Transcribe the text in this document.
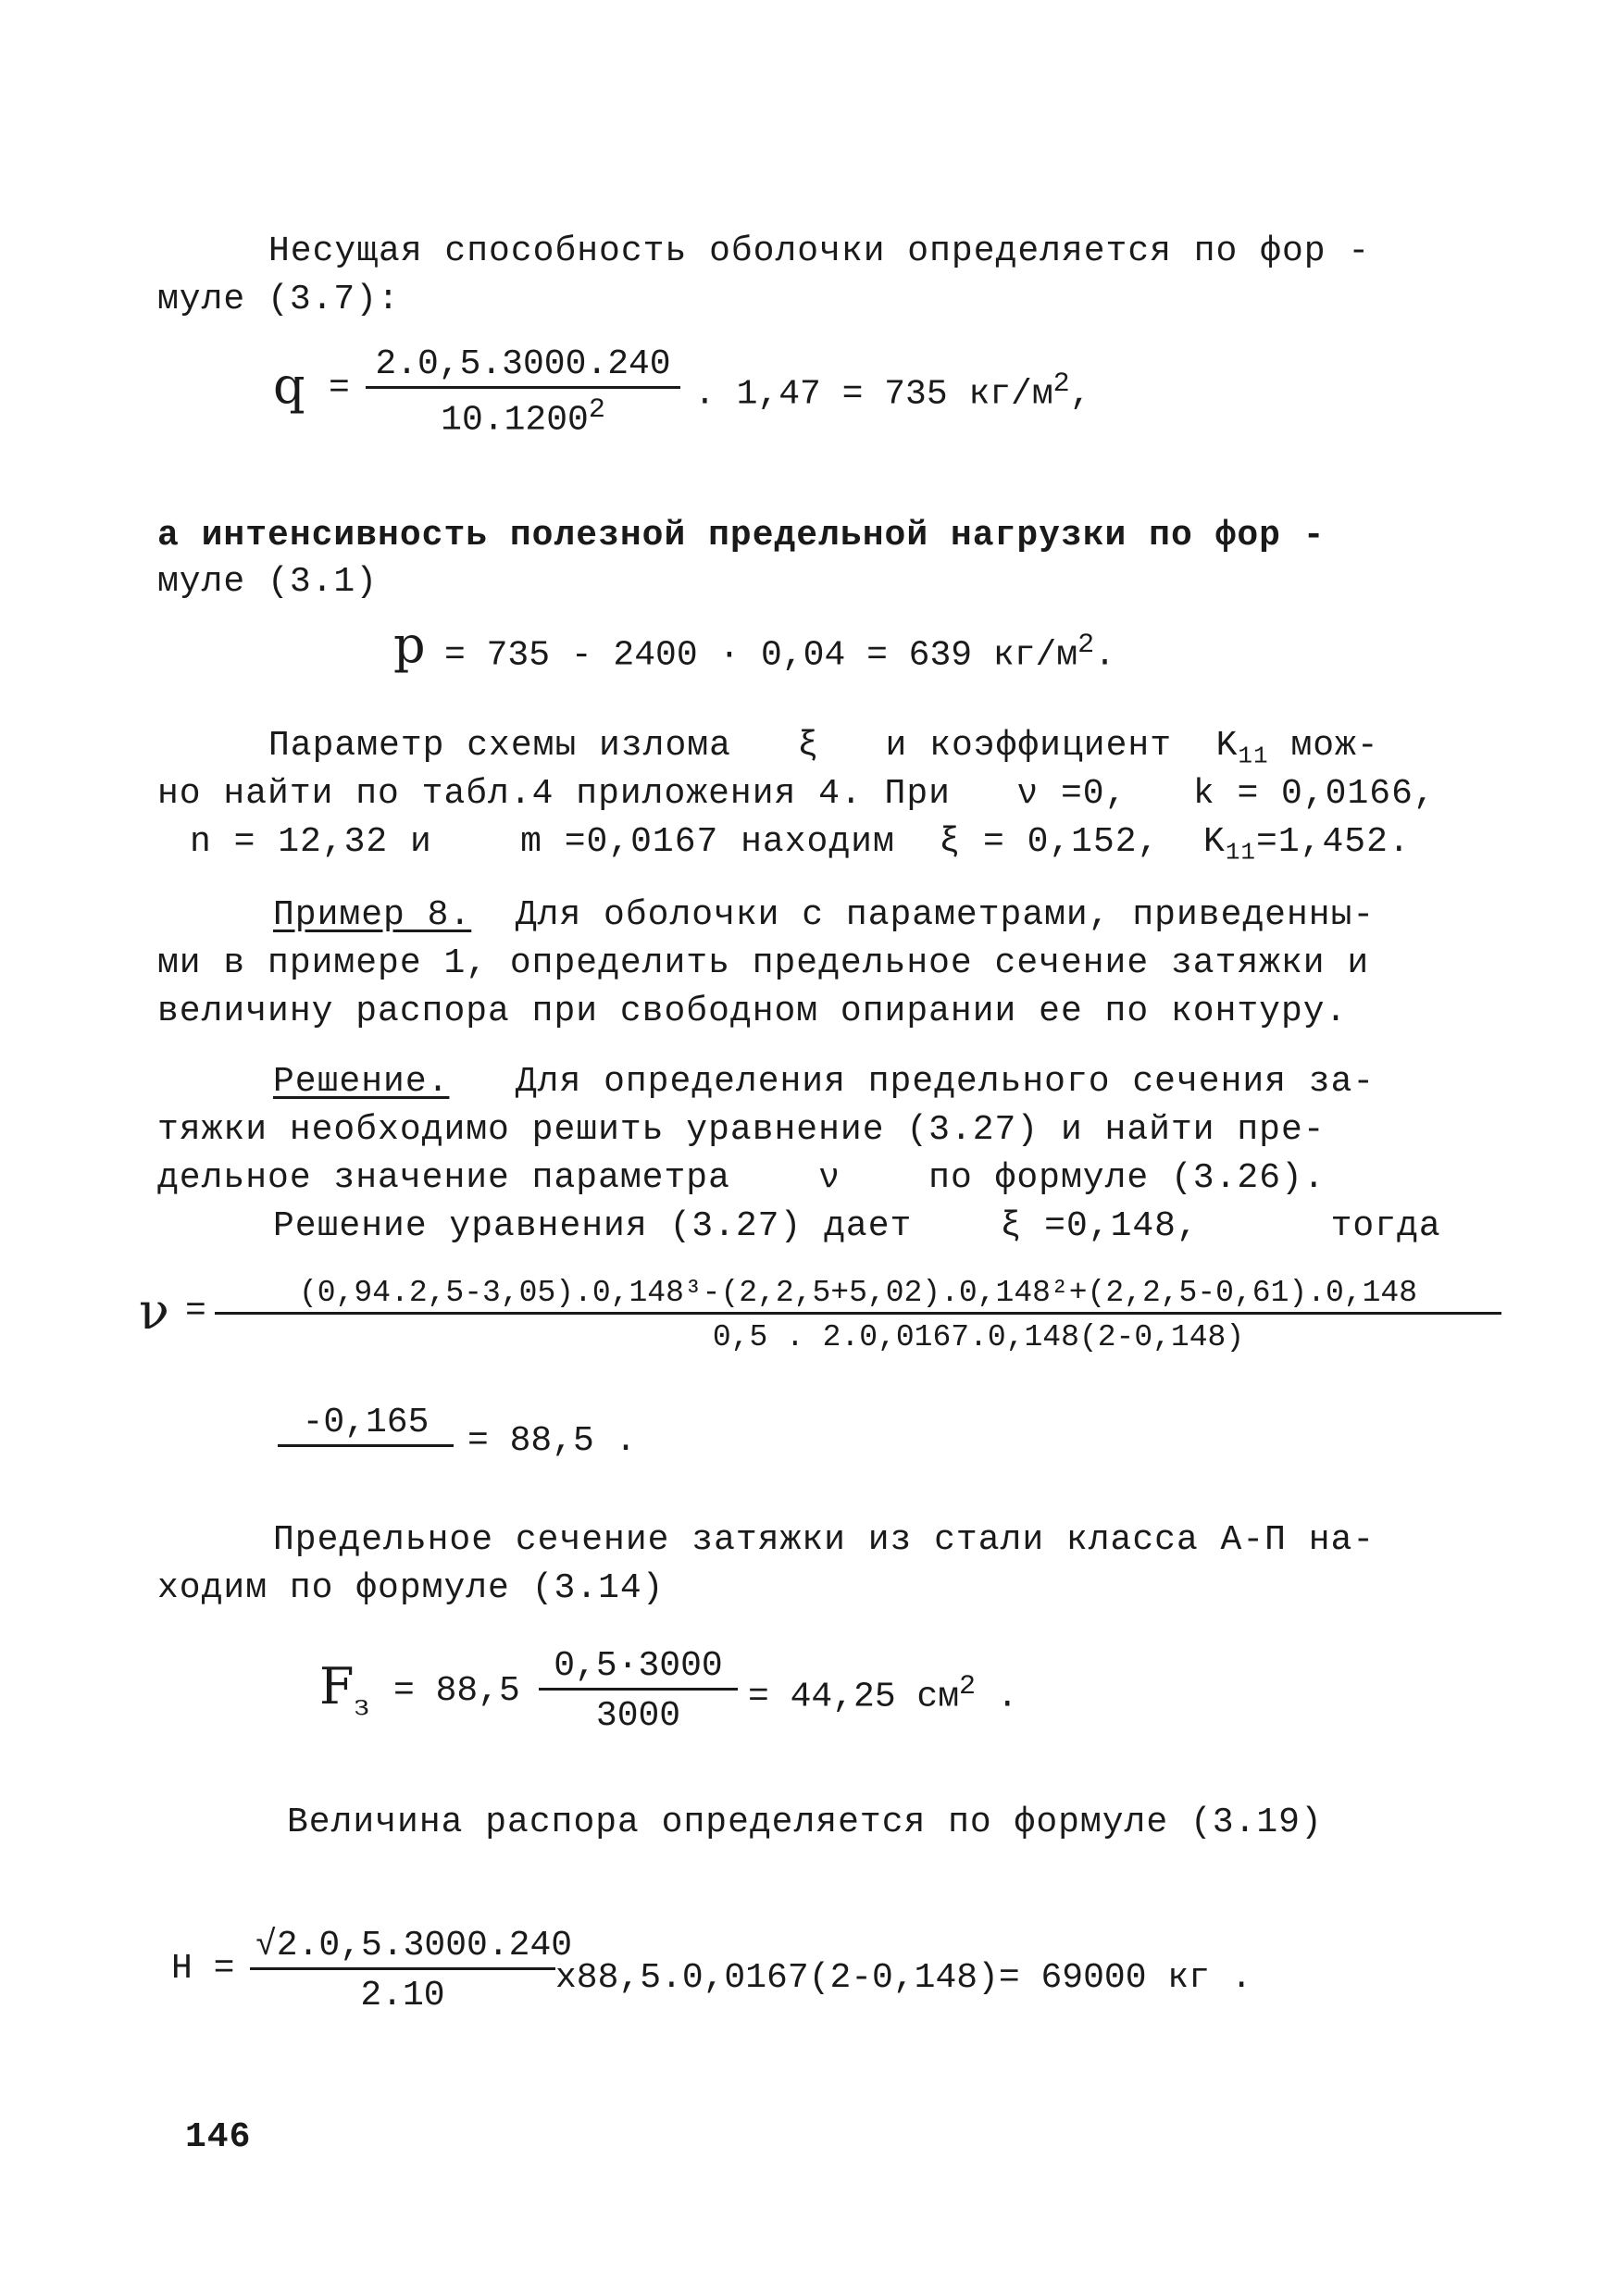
Несущая способность оболочки определяется по фор -
муле (3.7):
$q = \frac{2.0,5.3000.240}{10.1200^2}$ . 1,47 = 735 $кг/м^2$,
а интенсивность полезной предельной нагрузки по фор -
муле (3.1)
p = 735 - 2400 · 0,04 = 639 $кг/м^2$.
Параметр схемы излома ξ и коэффициент $K_{11}$ мож-
но найти по табл.4 приложения 4. При ν =0, k = 0,0166,
n = 12,32 и	m =0,0167 находим ξ = 0,152, $K_{11}=1,452$.
Пример 8. Для оболочки с параметрами, приведенны-
ми в примере 1, определить предельное сечение затяжки и
величину распора при свободном опирании ее по контуру.
Решение. Для определения предельного сечения за-
тяжки необходимо решить уравнение (3.27) и найти пре-
дельное значение параметра	ν	по формуле (3.26).
Решение уравнения (3.27) дает	ξ =0,148,	тогда
ν =	(0,94.2,5-3,05).0,148³-(2,2,5+5,02).0,148²+(2,2,5-0,61).0,148
0,5 . 2.0,0167.0,148(2-0,148)
-0,165	= 88,5 .
Предельное сечение затяжки из стали класса А-П на-
ходим по формуле (3.14)
$F_з = 88,5 \frac{0,5\cdot 3000}{3000} = 44,25$ $см^2$ .
Величина распора определяется по формуле (3.19)
$H = \frac{√2.0,5.3000.240}{2.10} x88,5.0,0167(2-0,148)= 69000$ кг .
146
